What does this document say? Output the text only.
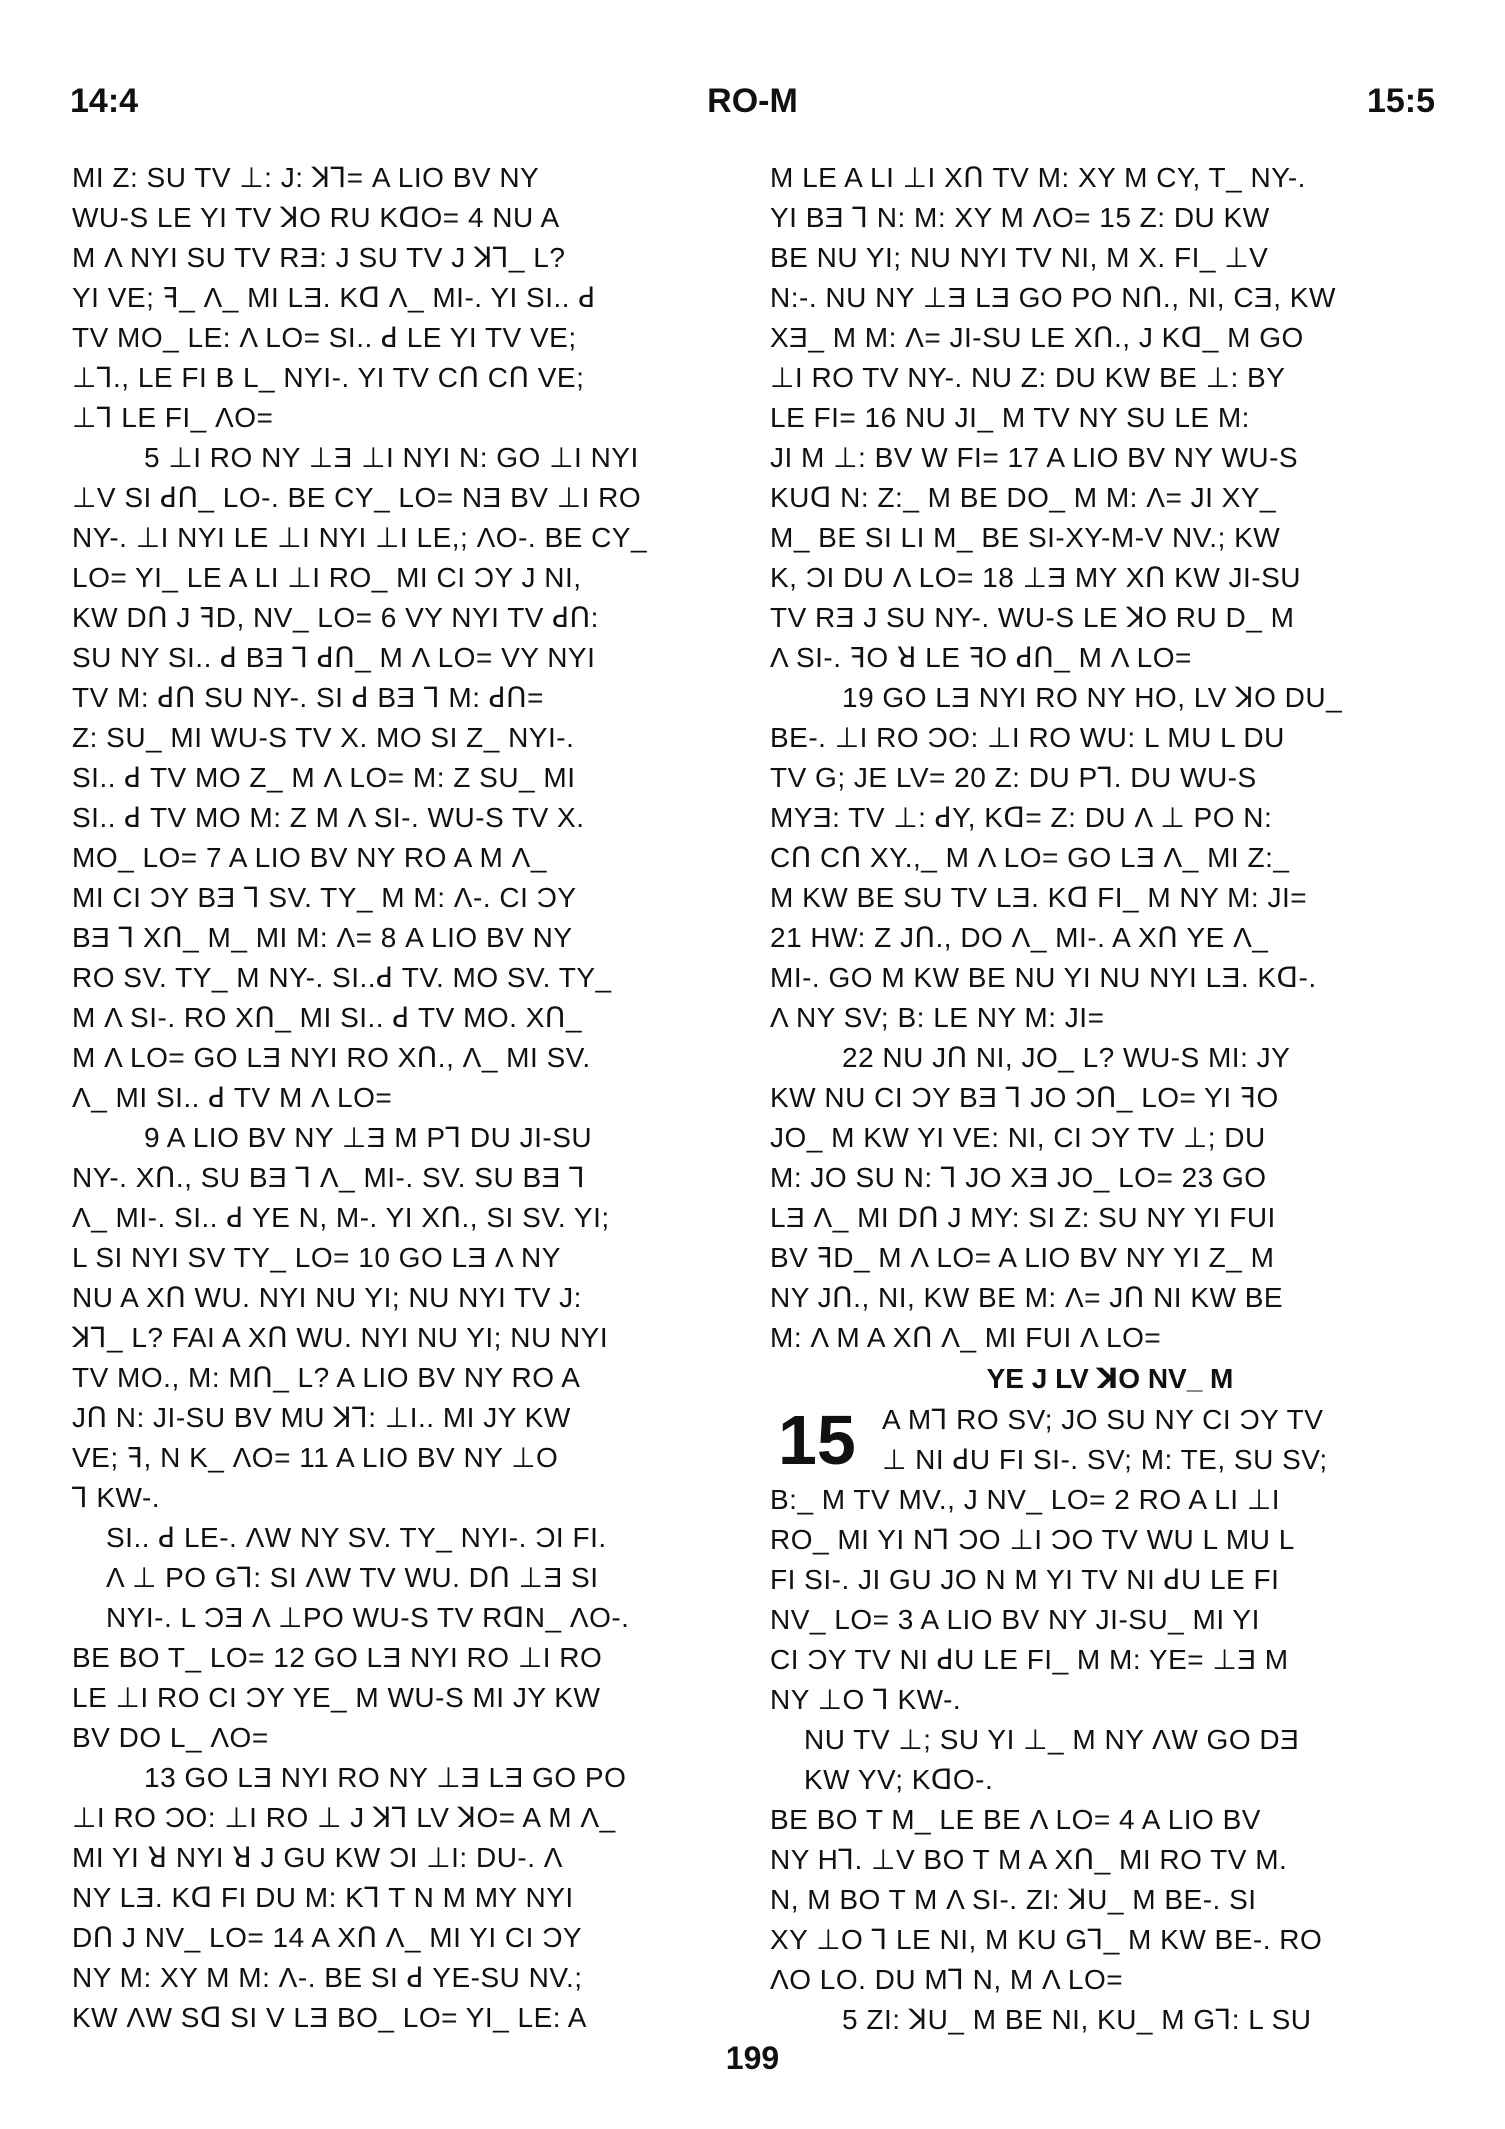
14:4	RO-M	15:5
MI Z: SU TV ⊥: J: ꓘ⅂= A LIO BV NY
WU-S LE YI TV ꓘO RU KꓷO= 4 NU A
M Λ NYI SU TV RƎ: J SU TV J ꓘ⅂_ L?
YI VE; ꟻ_ Λ_ MI LƎ. Kꓷ Λ_ MI-. YI SI.. ꓒ
TV MO_ LE: Λ LO= SI.. ꓒ LE YI TV VE;
⊥⅂., LE FI B L_ NYI-. YI TV Cꓵ Cꓵ VE;
⊥⅂ LE FI_ ΛO=
5 ⊥I RO NY ⊥Ǝ ⊥I NYI N: GO ⊥I NYI
⊥V SI ꓒꓵ_ LO-. BE CY_ LO= NƎ BV ⊥I RO
NY-. ⊥I NYI LE ⊥I NYI ⊥I LE,; ΛO-. BE CY_
LO= YI_ LE A LI ⊥I RO_ MI CI ƆY J NI,
KW Dꓵ J ꟻD, NV_ LO= 6 VY NYI TV ꓒꓵ:
SU NY SI.. ꓒ BƎ ⅂ ꓒꓵ_ M Λ LO= VY NYI
TV M: ꓒꓵ SU NY-. SI ꓒ BƎ ⅂ M: ꓒꓵ=
Z: SU_ MI WU-S TV X. MO SI Z_ NYI-.
SI.. ꓒ TV MO Z_ M Λ LO= M: Z SU_ MI
SI.. ꓒ TV MO M: Z M Λ SI-. WU-S TV X.
MO_ LO= 7 A LIO BV NY RO A M Λ_
MI CI ƆY BƎ ⅂ SV. TY_ M M: Λ-. CI ƆY
BƎ ⅂ Xꓵ_ M_ MI M: Λ= 8 A LIO BV NY
RO SV. TY_ M NY-. SI..ꓒ TV. MO SV. TY_
M Λ SI-. RO Xꓵ_ MI SI.. ꓒ TV MO. Xꓵ_
M Λ LO= GO LƎ NYI RO Xꓵ., Λ_ MI SV.
Λ_ MI SI.. ꓒ TV M Λ LO=
9 A LIO BV NY ⊥Ǝ M P⅂ DU JI-SU
NY-. Xꓵ., SU BƎ ⅂ Λ_ MI-. SV. SU BƎ ⅂
Λ_ MI-. SI.. ꓒ YE N, M-. YI Xꓵ., SI SV. YI;
L SI NYI SV TY_ LO= 10 GO LƎ Λ NY
NU A Xꓵ WU. NYI NU YI; NU NYI TV J:
ꓘ⅂_ L? FAI A Xꓵ WU. NYI NU YI; NU NYI
TV MO., M: Mꓵ_ L? A LIO BV NY RO A
Jꓵ N: JI-SU BV MU ꓘ⅂: ⊥I.. MI JY KW
VE; ꟻ, N K_ ΛO= 11 A LIO BV NY ⊥O
⅂ KW-.
SI.. ꓒ LE-. ΛW NY SV. TY_ NYI-. ƆI FI.
Λ ⊥ PO G⅂: SI ΛW TV WU. Dꓵ ⊥Ǝ SI
NYI-. L ƆƎ Λ ⊥PO WU-S TV RꓷN_ ΛO-.
BE BO T_ LO= 12 GO LƎ NYI RO ⊥I RO
LE ⊥I RO CI ƆY YE_ M WU-S MI JY KW
BV DO L_ ΛO=
13 GO LƎ NYI RO NY ⊥Ǝ LƎ GO PO
⊥I RO ƆO: ⊥I RO ⊥ J ꓘ⅂ LV ꓘO= A M Λ_
MI YI ꓤ NYI ꓤ J GU KW ƆI ⊥I: DU-. Λ
NY LƎ. Kꓷ FI DU M: K⅂ T N M MY NYI
Dꓵ J NV_ LO= 14 A Xꓵ Λ_ MI YI CI ƆY
NY M: XY M M: Λ-. BE SI ꓒ YE-SU NV.;
KW ΛW Sꓷ SI V LƎ BO_ LO= YI_ LE: A
M LE A LI ⊥I Xꓵ TV M: XY M CY, T_ NY-.
YI BƎ ⅂ N: M: XY M ΛO= 15 Z: DU KW
BE NU YI; NU NYI TV NI, M X. FI_ ⊥V
N:-. NU NY ⊥Ǝ LƎ GO PO Nꓵ., NI, CƎ, KW
XƎ_ M M: Λ= JI-SU LE Xꓵ., J Kꓷ_ M GO
⊥I RO TV NY-. NU Z: DU KW BE ⊥: BY
LE FI= 16 NU JI_ M TV NY SU LE M:
JI M ⊥: BV W FI= 17 A LIO BV NY WU-S
KUꓷ N: Z:_ M BE DO_ M M: Λ= JI XY_
M_ BE SI LI M_ BE SI-XY-M-V NV.; KW
K, ƆI DU Λ LO= 18 ⊥Ǝ MY Xꓵ KW JI-SU
TV RƎ J SU NY-. WU-S LE ꓘO RU D_ M
Λ SI-. ꟻO ꓤ LE ꟻO ꓒꓵ_ M Λ LO=
19 GO LƎ NYI RO NY HO, LV ꓘO DU_
BE-. ⊥I RO ƆO: ⊥I RO WU: L MU L DU
TV G; JE LV= 20 Z: DU P⅂. DU WU-S
MYƎ: TV ⊥: ꓒY, Kꓷ= Z: DU Λ ⊥ PO N:
Cꓵ Cꓵ XY.,_ M Λ LO= GO LƎ Λ_ MI Z:_
M KW BE SU TV LƎ. Kꓷ FI_ M NY M: JI=
21 HW: Z Jꓵ., DO Λ_ MI-. A Xꓵ YE Λ_
MI-. GO M KW BE NU YI NU NYI LƎ. Kꓷ-.
Λ NY SV; B: LE NY M: JI=
22 NU Jꓵ NI, JO_ L? WU-S MI: JY
KW NU CI ƆY BƎ ⅂ JO Ɔꓵ_ LO= YI ꟻO
JO_ M KW YI VE: NI, CI ƆY TV ⊥; DU
M: JO SU N: ⅂ JO XƎ JO_ LO= 23 GO
LƎ Λ_ MI Dꓵ J MY: SI Z: SU NY YI FUI
BV ꟻD_ M Λ LO= A LIO BV NY YI Z_ M
NY Jꓵ., NI, KW BE M: Λ= Jꓵ NI KW BE
M: Λ M A Xꓵ Λ_ MI FUI Λ LO=
YE J LV ꓘO NV_ M
15 A M⅂ RO SV; JO SU NY CI ƆY TV
⊥ NI ꓒU FI SI-. SV; M: TE, SU SV;
B:_ M TV MV., J NV_ LO= 2 RO A LI ⊥I
RO_ MI YI N⅂ ƆO ⊥I ƆO TV WU L MU L
FI SI-. JI GU JO N M YI TV NI ꓒU LE FI
NV_ LO= 3 A LIO BV NY JI-SU_ MI YI
CI ƆY TV NI ꓒU LE FI_ M M: YE= ⊥Ǝ M
NY ⊥O ⅂ KW-.
NU TV ⊥; SU YI ⊥_ M NY ΛW GO DƎ
KW YV; KꓷO-.
BE BO T M_ LE BE Λ LO= 4 A LIO BV
NY H⅂. ⊥V BO T M A Xꓵ_ MI RO TV M.
N, M BO T M Λ SI-. ZI: ꓘU_ M BE-. SI
XY ⊥O ⅂ LE NI, M KU G⅂_ M KW BE-. RO
ΛO LO. DU M⅂ N, M Λ LO=
5 ZI: ꓘU_ M BE NI, KU_ M G⅂: L SU
199
